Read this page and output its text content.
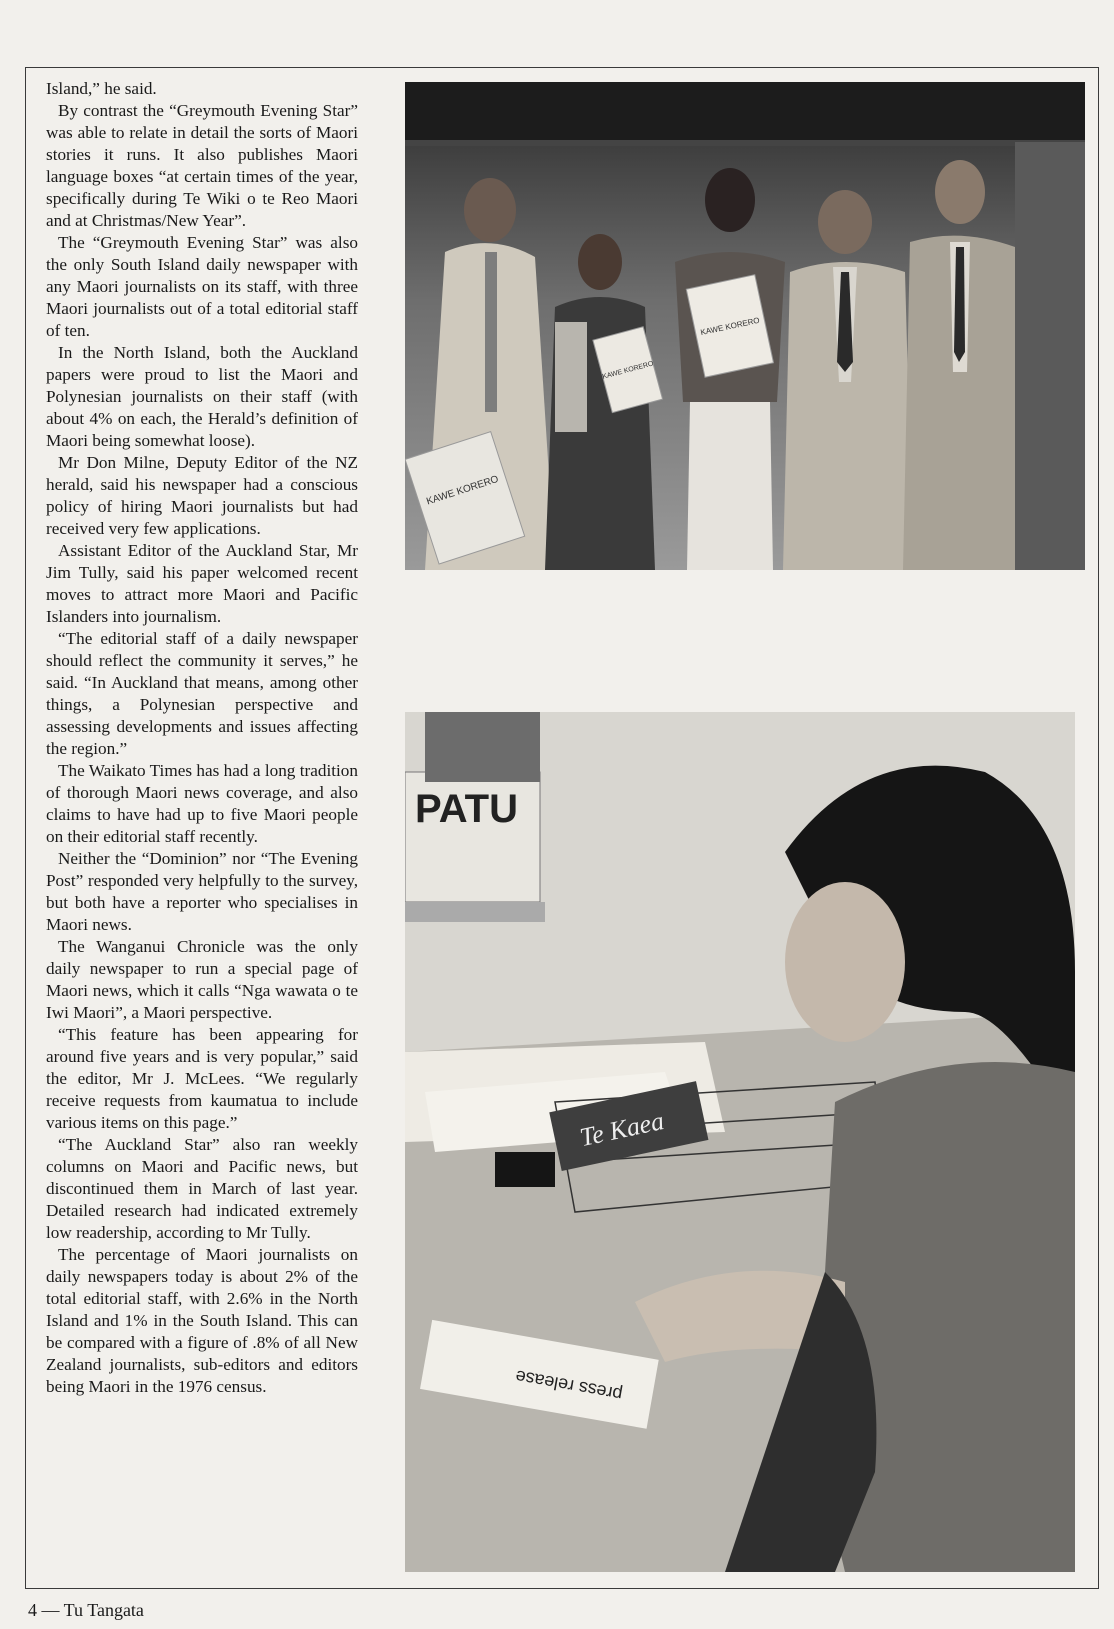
Island,” he said.

By contrast the “Greymouth Evening Star” was able to relate in detail the sorts of Maori stories it runs. It also publishes Maori language boxes “at certain times of the year, specifically during Te Wiki o te Reo Maori and at Christmas/New Year”.

The “Greymouth Evening Star” was also the only South Island daily newspaper with any Maori journalists on its staff, with three Maori journalists out of a total editorial staff of ten.

In the North Island, both the Auckland papers were proud to list the Maori and Polynesian journalists on their staff (with about 4% on each, the Herald’s definition of Maori being somewhat loose).

Mr Don Milne, Deputy Editor of the NZ herald, said his newspaper had a conscious policy of hiring Maori journalists but had received very few applications.

Assistant Editor of the Auckland Star, Mr Jim Tully, said his paper welcomed recent moves to attract more Maori and Pacific Islanders into journalism.

“The editorial staff of a daily newspaper should reflect the community it serves,” he said. “In Auckland that means, among other things, a Polynesian perspective and assessing developments and issues affecting the region.”

The Waikato Times has had a long tradition of thorough Maori news coverage, and also claims to have had up to five Maori people on their editorial staff recently.

Neither the “Dominion” nor “The Evening Post” responded very helpfully to the survey, but both have a reporter who specialises in Maori news.

The Wanganui Chronicle was the only daily newspaper to run a special page of Maori news, which it calls “Nga wawata o te Iwi Maori”, a Maori perspective.

“This feature has been appearing for around five years and is very popular,” said the editor, Mr J. McLees. “We regularly receive requests from kaumatua to include various items on this page.”

“The Auckland Star” also ran weekly columns on Maori and Pacific news, but discontinued them in March of last year. Detailed research had indicated extremely low readership, according to Mr Tully.

The percentage of Maori journalists on daily newspapers today is about 2% of the total editorial staff, with 2.6% in the North Island and 1% in the South Island. This can be compared with a figure of .8% of all New Zealand journalists, sub-editors and editors being Maori in the 1976 census.

KAWE KORERO
KAWE KORERO
KAWE KORERO
PATU
Te Kaea
press release
4 — Tu Tangata
